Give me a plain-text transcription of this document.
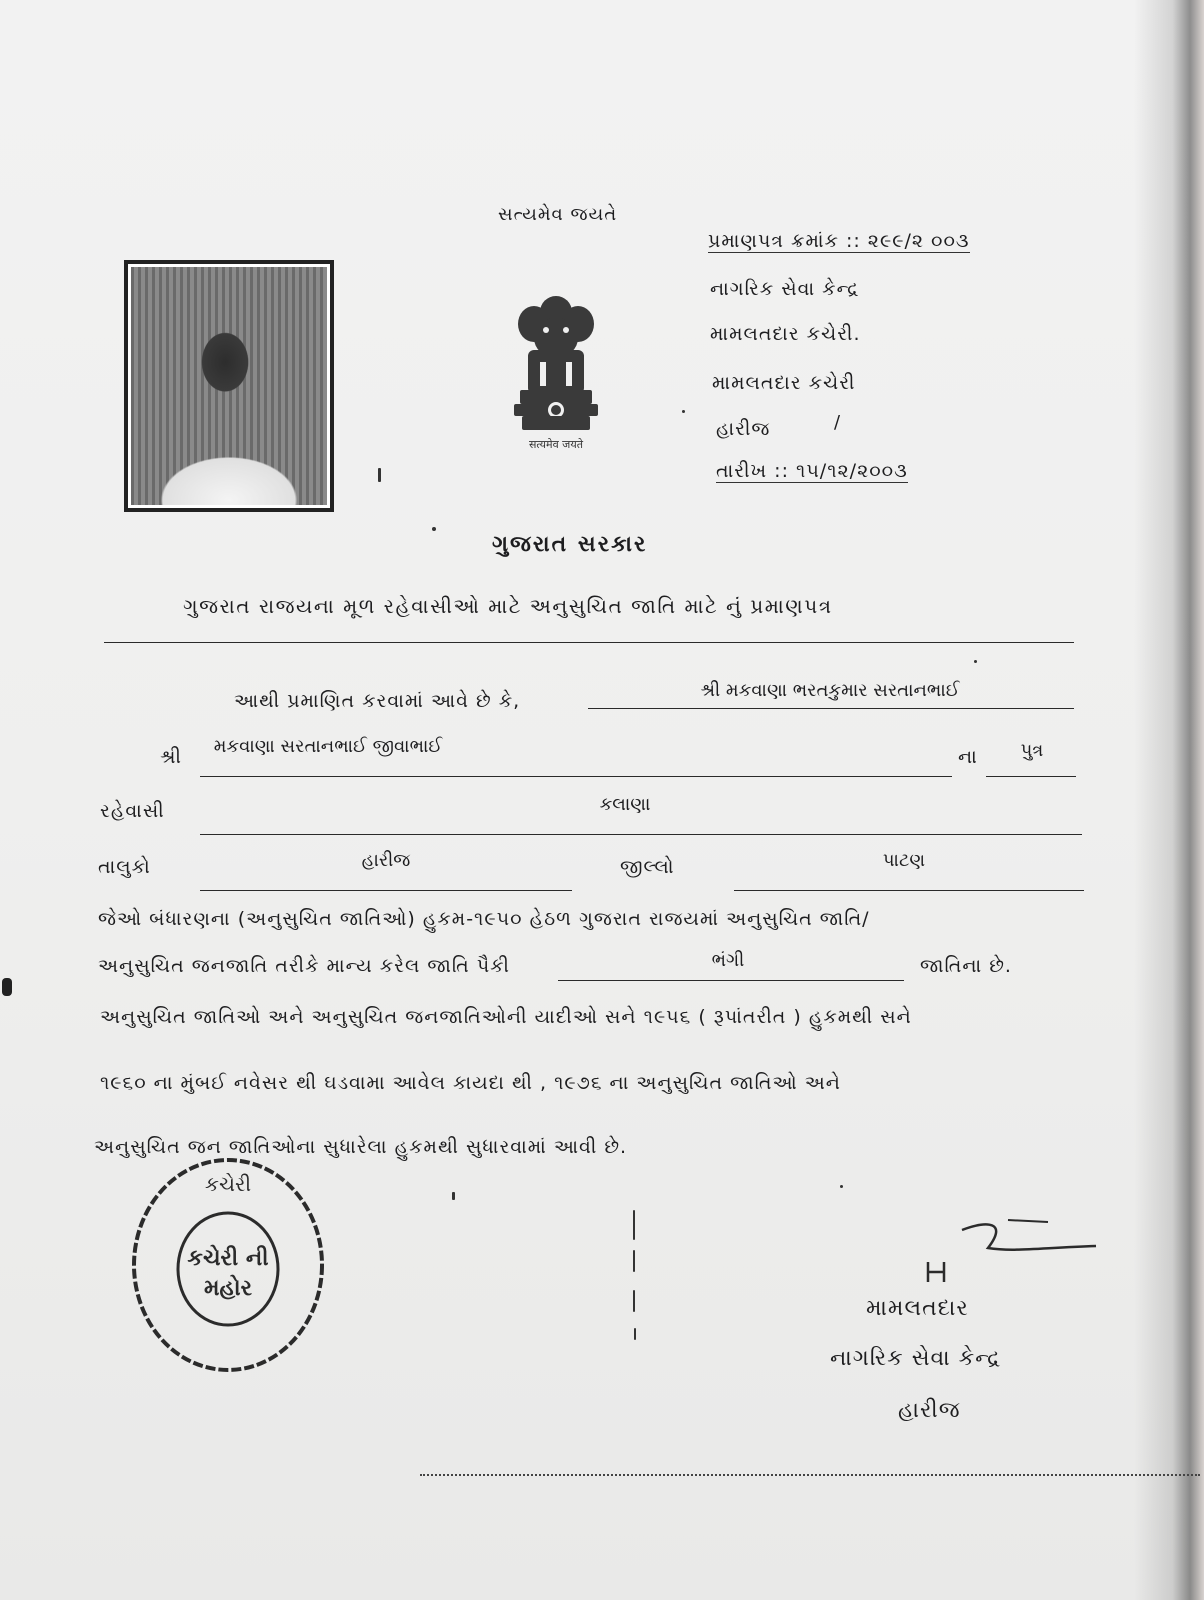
સત્યમેવ જયતે
પ્રમાણપત્ર ક્રમાંક :: ૨૯૯/૨ ૦૦૩
નાગરિક સેવા કેન્દ્ર
મામલતદાર કચેરી.
મામલતદાર કચેરી
હારીજ	/
તારીખ :: ૧૫/૧૨/૨૦૦૩
सत्यमेव जयते
ગુજરાત સરકાર
ગુજરાત રાજયના મૂળ રહેવાસીઓ માટે અનુસુચિત જાતિ માટે નું પ્રમાણપત્ર
આથી પ્રમાણિત કરવામાં આવે છે કે,	શ્રી મકવાણા ભરતકુમાર સરતાનભાઈ
શ્રી	મકવાણા સરતાનભાઈ જીવાભાઈ	ના	પુત્ર
રહેવાસી	કલાણા
તાલુકો	હારીજ	જીલ્લો	પાટણ
જેઓ બંધારણના (અનુસુચિત જાતિઓ) હુકમ-૧૯૫૦ હેઠળ ગુજરાત રાજયમાં અનુસુચિત જાતિ/
અનુસુચિત જનજાતિ તરીકે માન્ય કરેલ જાતિ પૈકી	ભંગી	જાતિના છે.
અનુસુચિત જાતિઓ અને અનુસુચિત જનજાતિઓની યાદીઓ સને ૧૯૫૬ ( રૂપાંતરીત ) હુકમથી સને
૧૯૬૦ ના મુંબઈ નવેસર થી ઘડવામા આવેલ કાયદા થી , ૧૯૭૬ ના અનુસુચિત જાતિઓ અને
અનુસુચિત જન જાતિઓના સુધારેલા હુકમથી સુધારવામાં આવી છે.
કચેરી
કચેરી ની
મહોર
મામલતદાર
નાગરિક સેવા કેન્દ્ર
હારીજ
